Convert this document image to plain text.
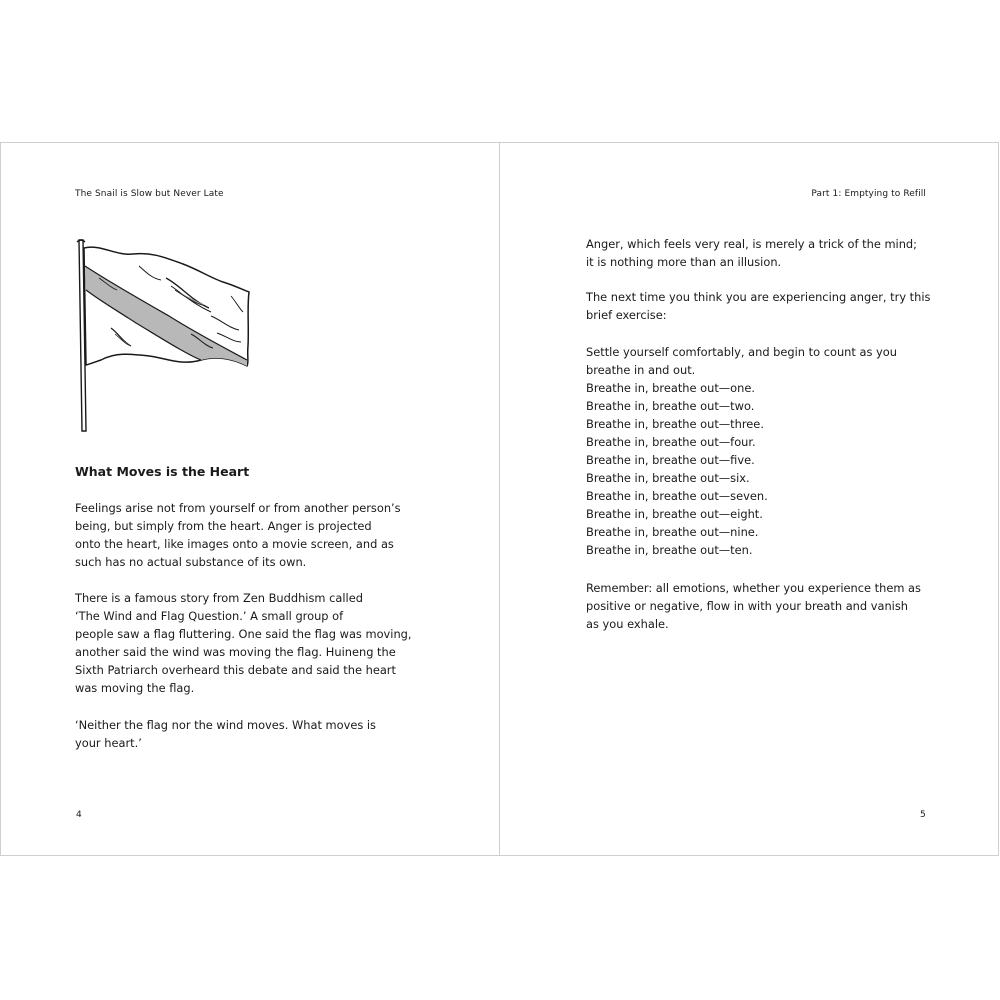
The Snail is Slow but Never Late
What Moves is the Heart
Feelings arise not from yourself or from another person’s
being, but simply from the heart. Anger is projected
onto the heart, like images onto a movie screen, and as
such has no actual substance of its own.
There is a famous story from Zen Buddhism called
‘The Wind and Flag Question.’ A small group of
people saw a flag fluttering. One said the flag was moving,
another said the wind was moving the flag. Huineng the
Sixth Patriarch overheard this debate and said the heart
was moving the flag.
‘Neither the flag nor the wind moves. What moves is
your heart.’
4
Part 1: Emptying to Refill
Anger, which feels very real, is merely a trick of the mind;
it is nothing more than an illusion.
The next time you think you are experiencing anger, try this
brief exercise:
Settle yourself comfortably, and begin to count as you
breathe in and out.
Breathe in, breathe out—one.
Breathe in, breathe out—two.
Breathe in, breathe out—three.
Breathe in, breathe out—four.
Breathe in, breathe out—five.
Breathe in, breathe out—six.
Breathe in, breathe out—seven.
Breathe in, breathe out—eight.
Breathe in, breathe out—nine.
Breathe in, breathe out—ten.
Remember: all emotions, whether you experience them as
positive or negative, flow in with your breath and vanish
as you exhale.
5
